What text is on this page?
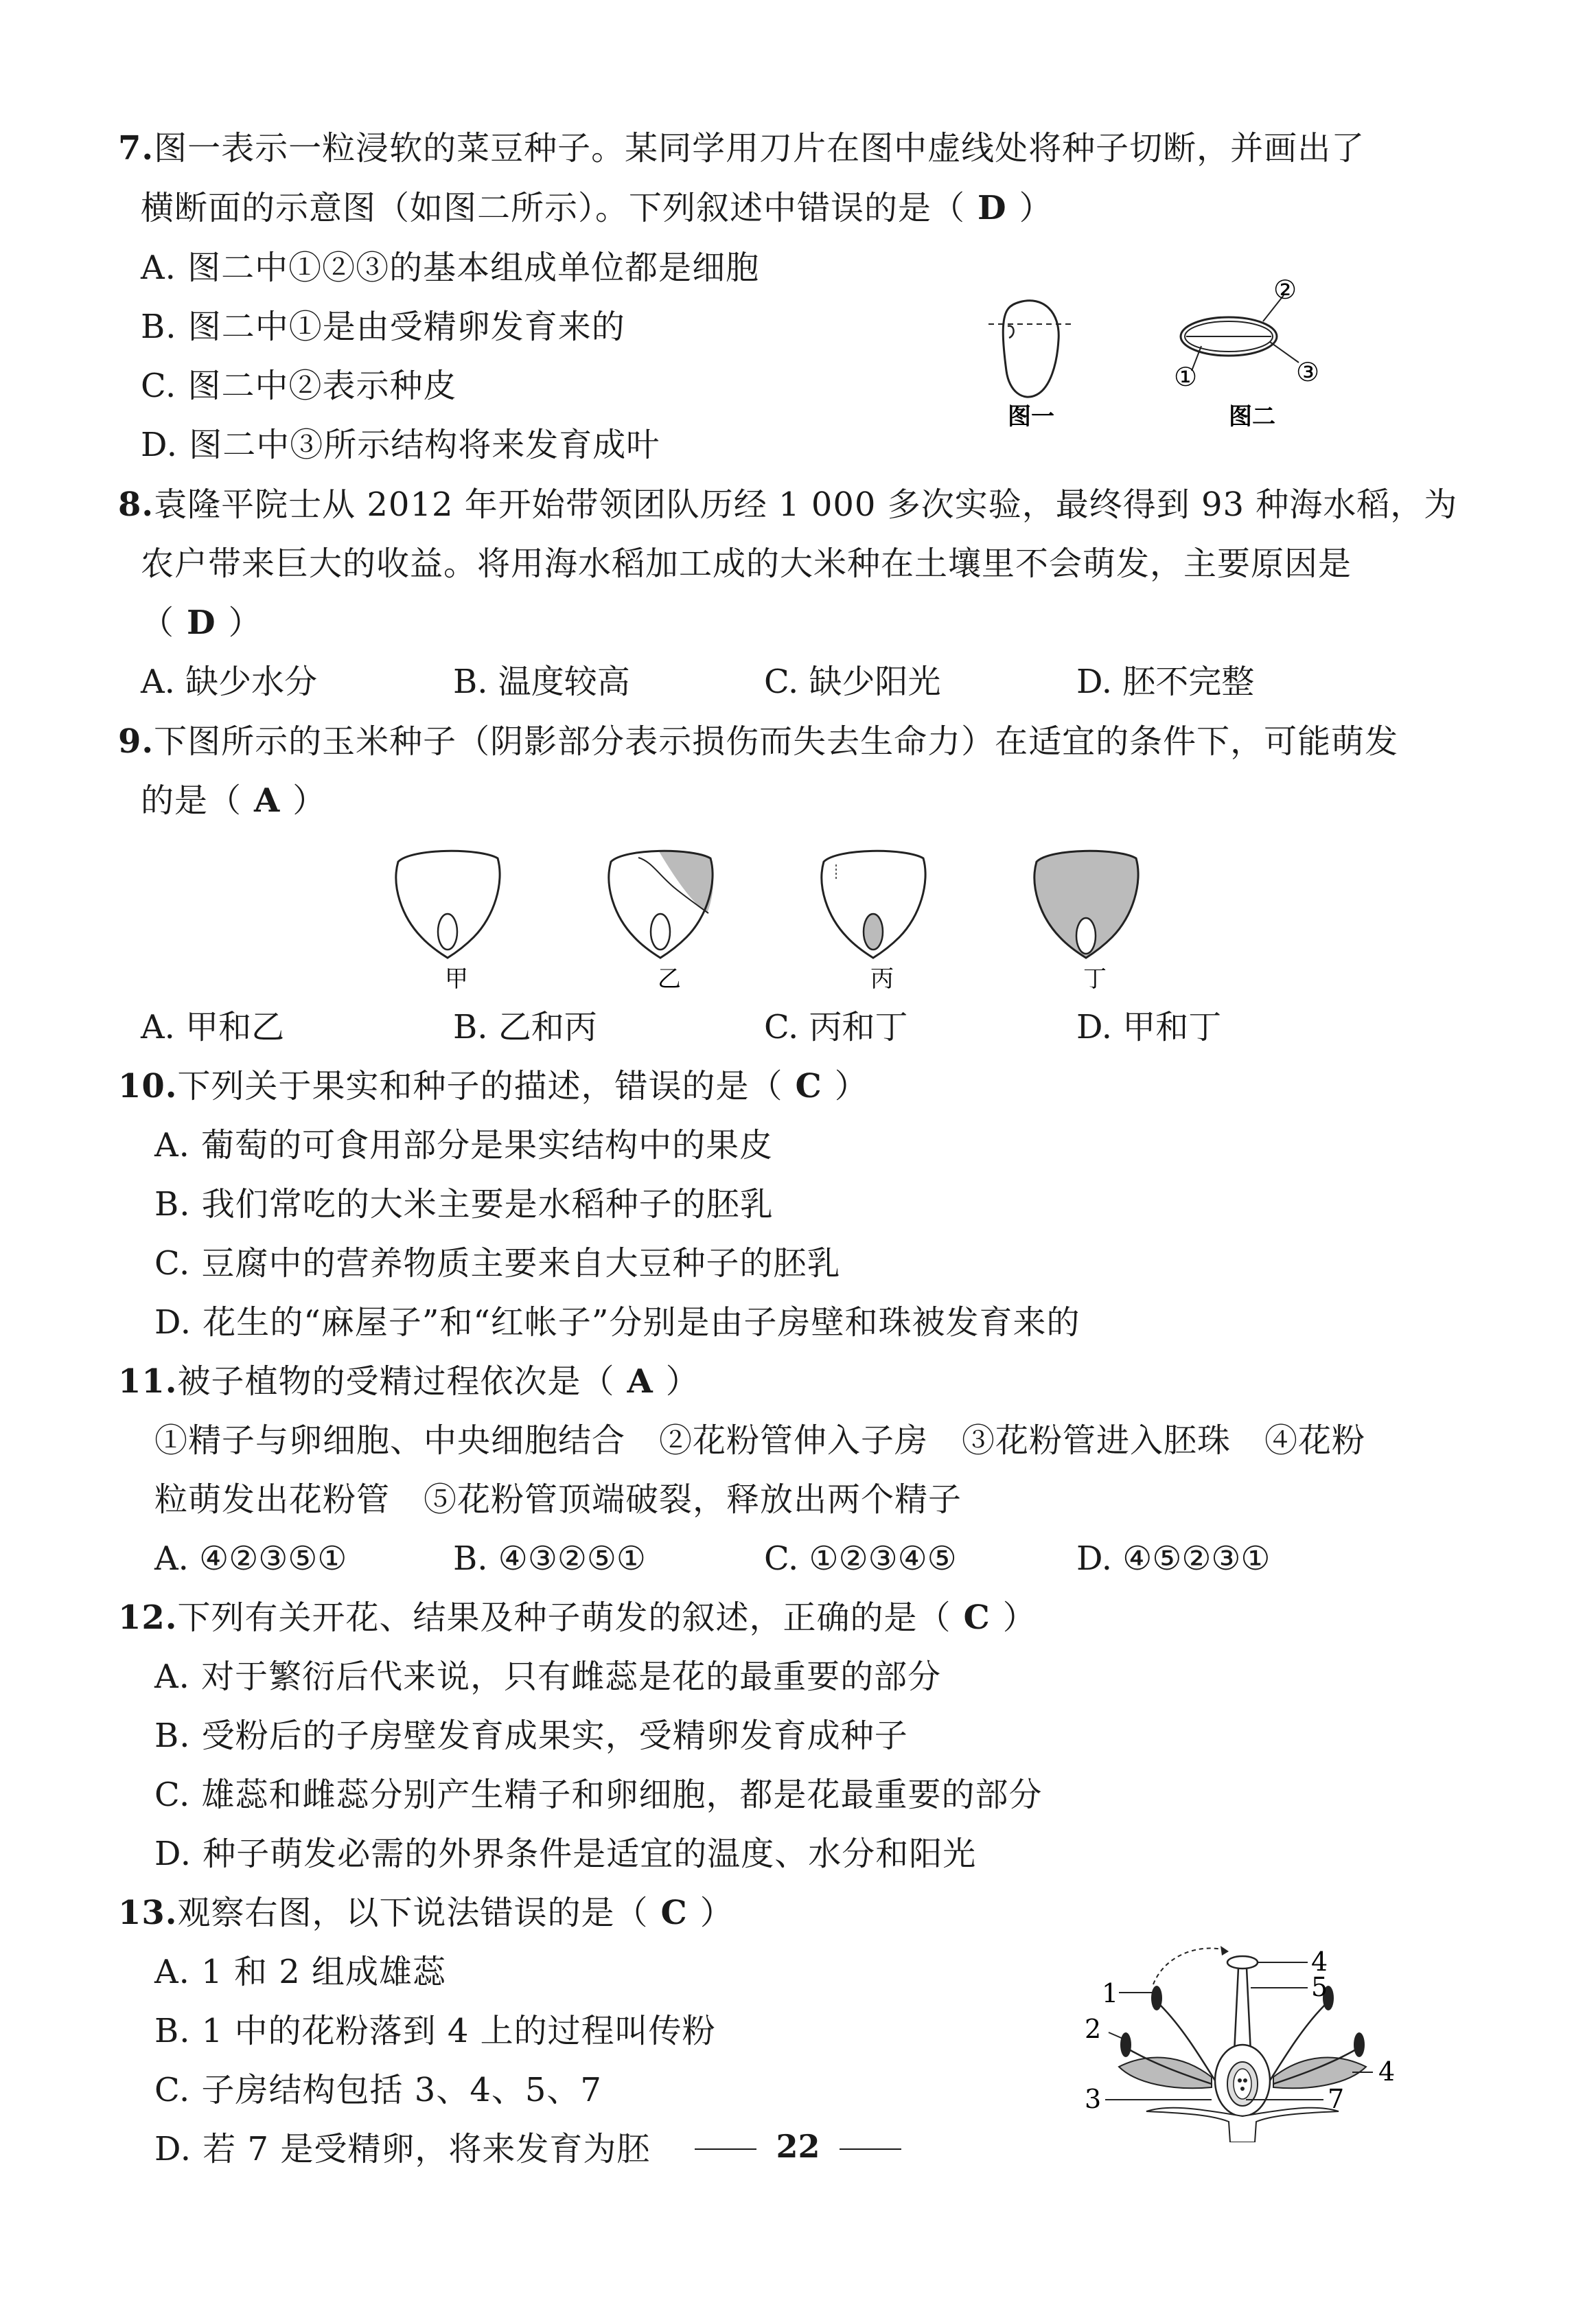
7.图一表示一粒浸软的菜豆种子。某同学用刀片在图中虚线处将种子切断，并画出了
横断面的示意图（如图二所示）。下列叙述中错误的是（ D ）
A. 图二中①②③的基本组成单位都是细胞
B. 图二中①是由受精卵发育来的
C. 图二中②表示种皮
D. 图二中③所示结构将来发育成叶
图一
②
①	③
图二
8.袁隆平院士从 2012 年开始带领团队历经 1 000 多次实验，最终得到 93 种海水稻，为
农户带来巨大的收益。将用海水稻加工成的大米种在土壤里不会萌发，主要原因是
（ D ）
A. 缺少水分	B. 温度较高	C. 缺少阳光	D. 胚不完整
9.下图所示的玉米种子（阴影部分表示损伤而失去生命力）在适宜的条件下，可能萌发
的是（ A ）
甲	乙	丙	丁
A. 甲和乙	B. 乙和丙	C. 丙和丁	D. 甲和丁
10.下列关于果实和种子的描述，错误的是（ C ）
A. 葡萄的可食用部分是果实结构中的果皮
B. 我们常吃的大米主要是水稻种子的胚乳
C. 豆腐中的营养物质主要来自大豆种子的胚乳
D. 花生的“麻屋子”和“红帐子”分别是由子房壁和珠被发育来的
11.被子植物的受精过程依次是（ A ）
①精子与卵细胞、中央细胞结合　②花粉管伸入子房　③花粉管进入胚珠　④花粉
粒萌发出花粉管　⑤花粉管顶端破裂，释放出两个精子
A. ④②③⑤①	B. ④③②⑤①	C. ①②③④⑤	D. ④⑤②③①
12.下列有关开花、结果及种子萌发的叙述，正确的是（ C ）
A. 对于繁衍后代来说，只有雌蕊是花的最重要的部分
B. 受粉后的子房壁发育成果实，受精卵发育成种子
C. 雄蕊和雌蕊分别产生精子和卵细胞，都是花最重要的部分
D. 种子萌发必需的外界条件是适宜的温度、水分和阳光
13.观察右图，以下说法错误的是（ C ）
A. 1 和 2 组成雄蕊
B. 1 中的花粉落到 4 上的过程叫传粉
C. 子房结构包括 3、4、5、7
D. 若 7 是受精卵，将来发育为胚
4
5
1
2
3
4
7
22
